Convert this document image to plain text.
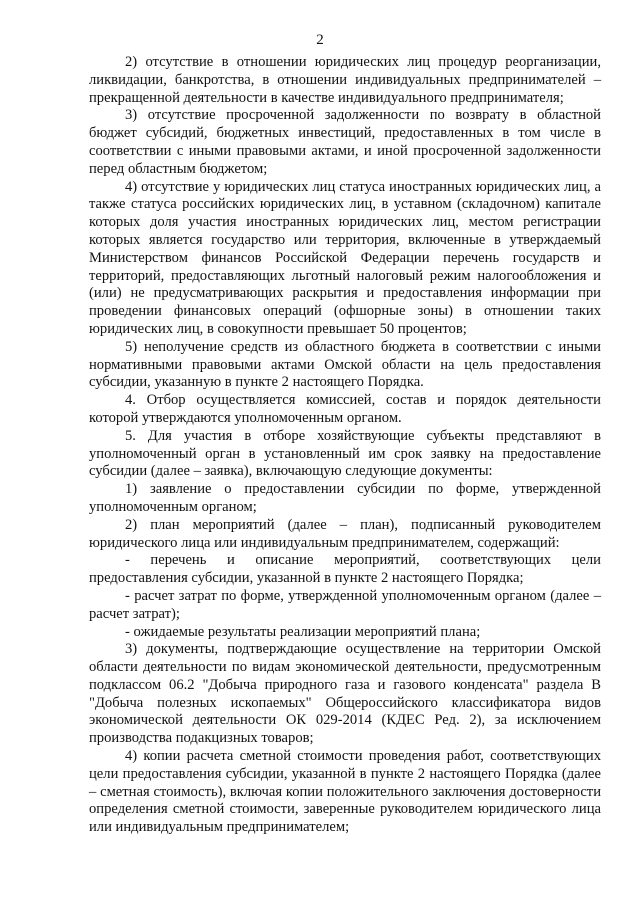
2

2) отсутствие в отношении юридических лиц процедур реорганизации, ликвидации, банкротства, в отношении индивидуальных предпринимателей – прекращенной деятельности в качестве индивидуального предпринимателя;

3) отсутствие просроченной задолженности по возврату в областной бюджет субсидий, бюджетных инвестиций, предоставленных в том числе в соответствии с иными правовыми актами, и иной просроченной задолженности перед областным бюджетом;

4) отсутствие у юридических лиц статуса иностранных юридических лиц, а также статуса российских юридических лиц, в уставном (складочном) капитале которых доля участия иностранных юридических лиц, местом регистрации которых является государство или территория, включенные в утверждаемый Министерством финансов Российской Федерации перечень государств и территорий, предоставляющих льготный налоговый режим налогообложения и (или) не предусматривающих раскрытия и предоставления информации при проведении финансовых операций (офшорные зоны) в отношении таких юридических лиц, в совокупности превышает 50 процентов;

5) неполучение средств из областного бюджета в соответствии с иными нормативными правовыми актами Омской области на цель предоставления субсидии, указанную в пункте 2 настоящего Порядка.

4. Отбор осуществляется комиссией, состав и порядок деятельности которой утверждаются уполномоченным органом.

5. Для участия в отборе хозяйствующие субъекты представляют в уполномоченный орган в установленный им срок заявку на предоставление субсидии (далее – заявка), включающую следующие документы:

1) заявление о предоставлении субсидии по форме, утвержденной уполномоченным органом;

2) план мероприятий (далее – план), подписанный руководителем юридического лица или индивидуальным предпринимателем, содержащий:

- перечень и описание мероприятий, соответствующих цели предоставления субсидии, указанной в пункте 2 настоящего Порядка;

- расчет затрат по форме, утвержденной уполномоченным органом (далее – расчет затрат);

- ожидаемые результаты реализации мероприятий плана;

3) документы, подтверждающие осуществление на территории Омской области деятельности по видам экономической деятельности, предусмотренным подклассом 06.2 "Добыча природного газа и газового конденсата" раздела В "Добыча полезных ископаемых" Общероссийского классификатора видов экономической деятельности ОК 029-2014 (КДЕС Ред. 2), за исключением производства подакцизных товаров;

4) копии расчета сметной стоимости проведения работ, соответствующих цели предоставления субсидии, указанной в пункте 2 настоящего Порядка (далее – сметная стоимость), включая копии положительного заключения достоверности определения сметной стоимости, заверенные руководителем юридического лица или индивидуальным предпринимателем;
